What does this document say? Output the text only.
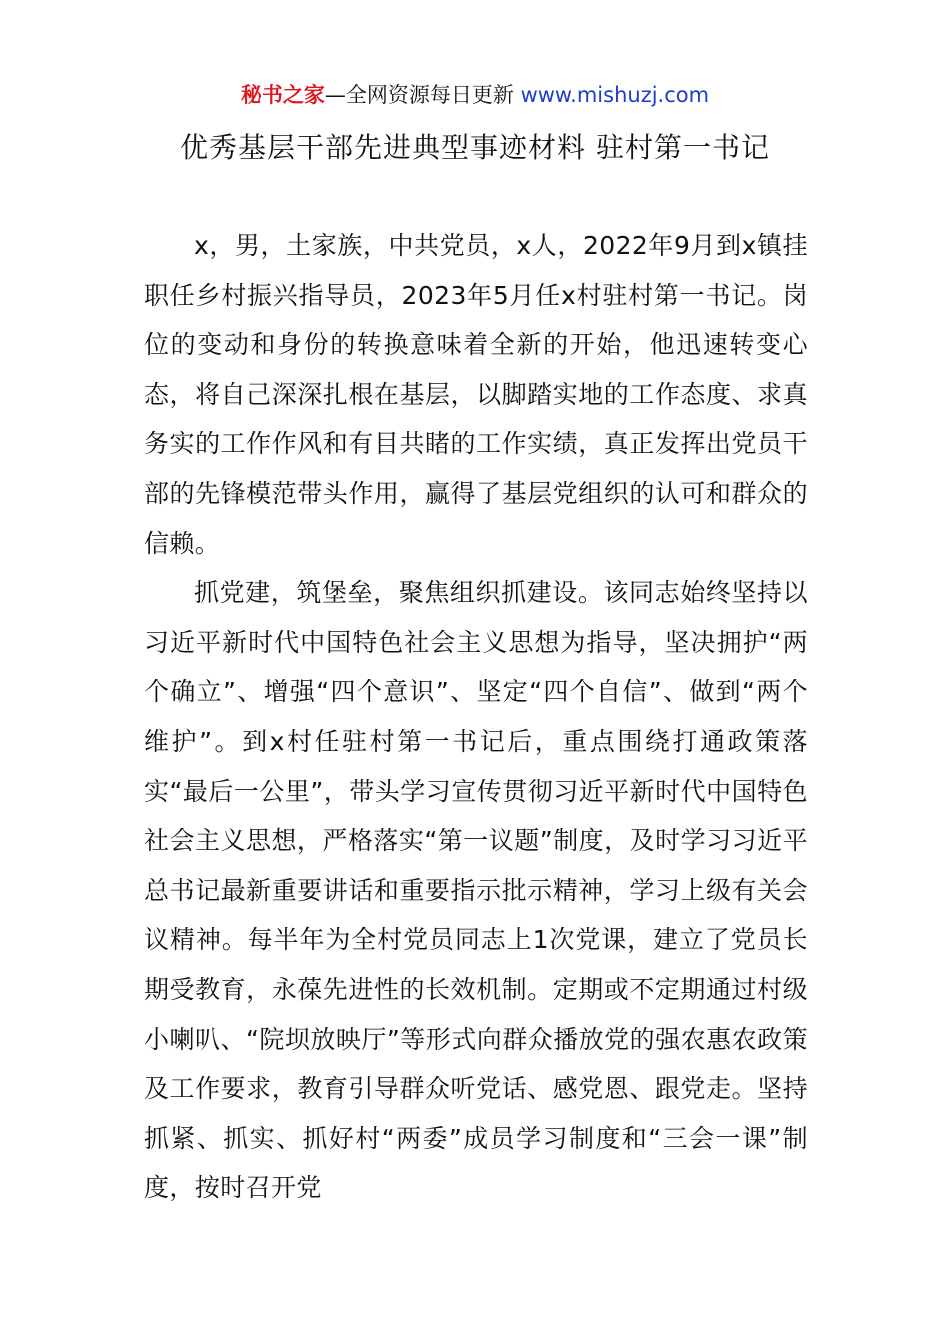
秘书之家—全网资源每日更新 www.mishuzj.com
优秀基层干部先进典型事迹材料 驻村第一书记

x，男，土家族，中共党员，x人，2022年9月到x镇挂职任乡村振兴指导员，2023年5月任x村驻村第一书记。岗位的变动和身份的转换意味着全新的开始，他迅速转变心态，将自己深深扎根在基层，以脚踏实地的工作态度、求真务实的工作作风和有目共睹的工作实绩，真正发挥出党员干部的先锋模范带头作用，赢得了基层党组织的认可和群众的信赖。

抓党建，筑堡垒，聚焦组织抓建设。该同志始终坚持以习近平新时代中国特色社会主义思想为指导，坚决拥护“两个确立”、增强“四个意识”、坚定“四个自信”、做到“两个维护”。到x村任驻村第一书记后，重点围绕打通政策落实“最后一公里”，带头学习宣传贯彻习近平新时代中国特色社会主义思想，严格落实“第一议题”制度，及时学习习近平总书记最新重要讲话和重要指示批示精神，学习上级有关会议精神。每半年为全村党员同志上1次党课，建立了党员长期受教育，永葆先进性的长效机制。定期或不定期通过村级小喇叭、“院坝放映厅”等形式向群众播放党的强农惠农政策及工作要求，教育引导群众听党话、感党恩、跟党走。坚持抓紧、抓实、抓好村“两委”成员学习制度和“三会一课”制度，按时召开党
